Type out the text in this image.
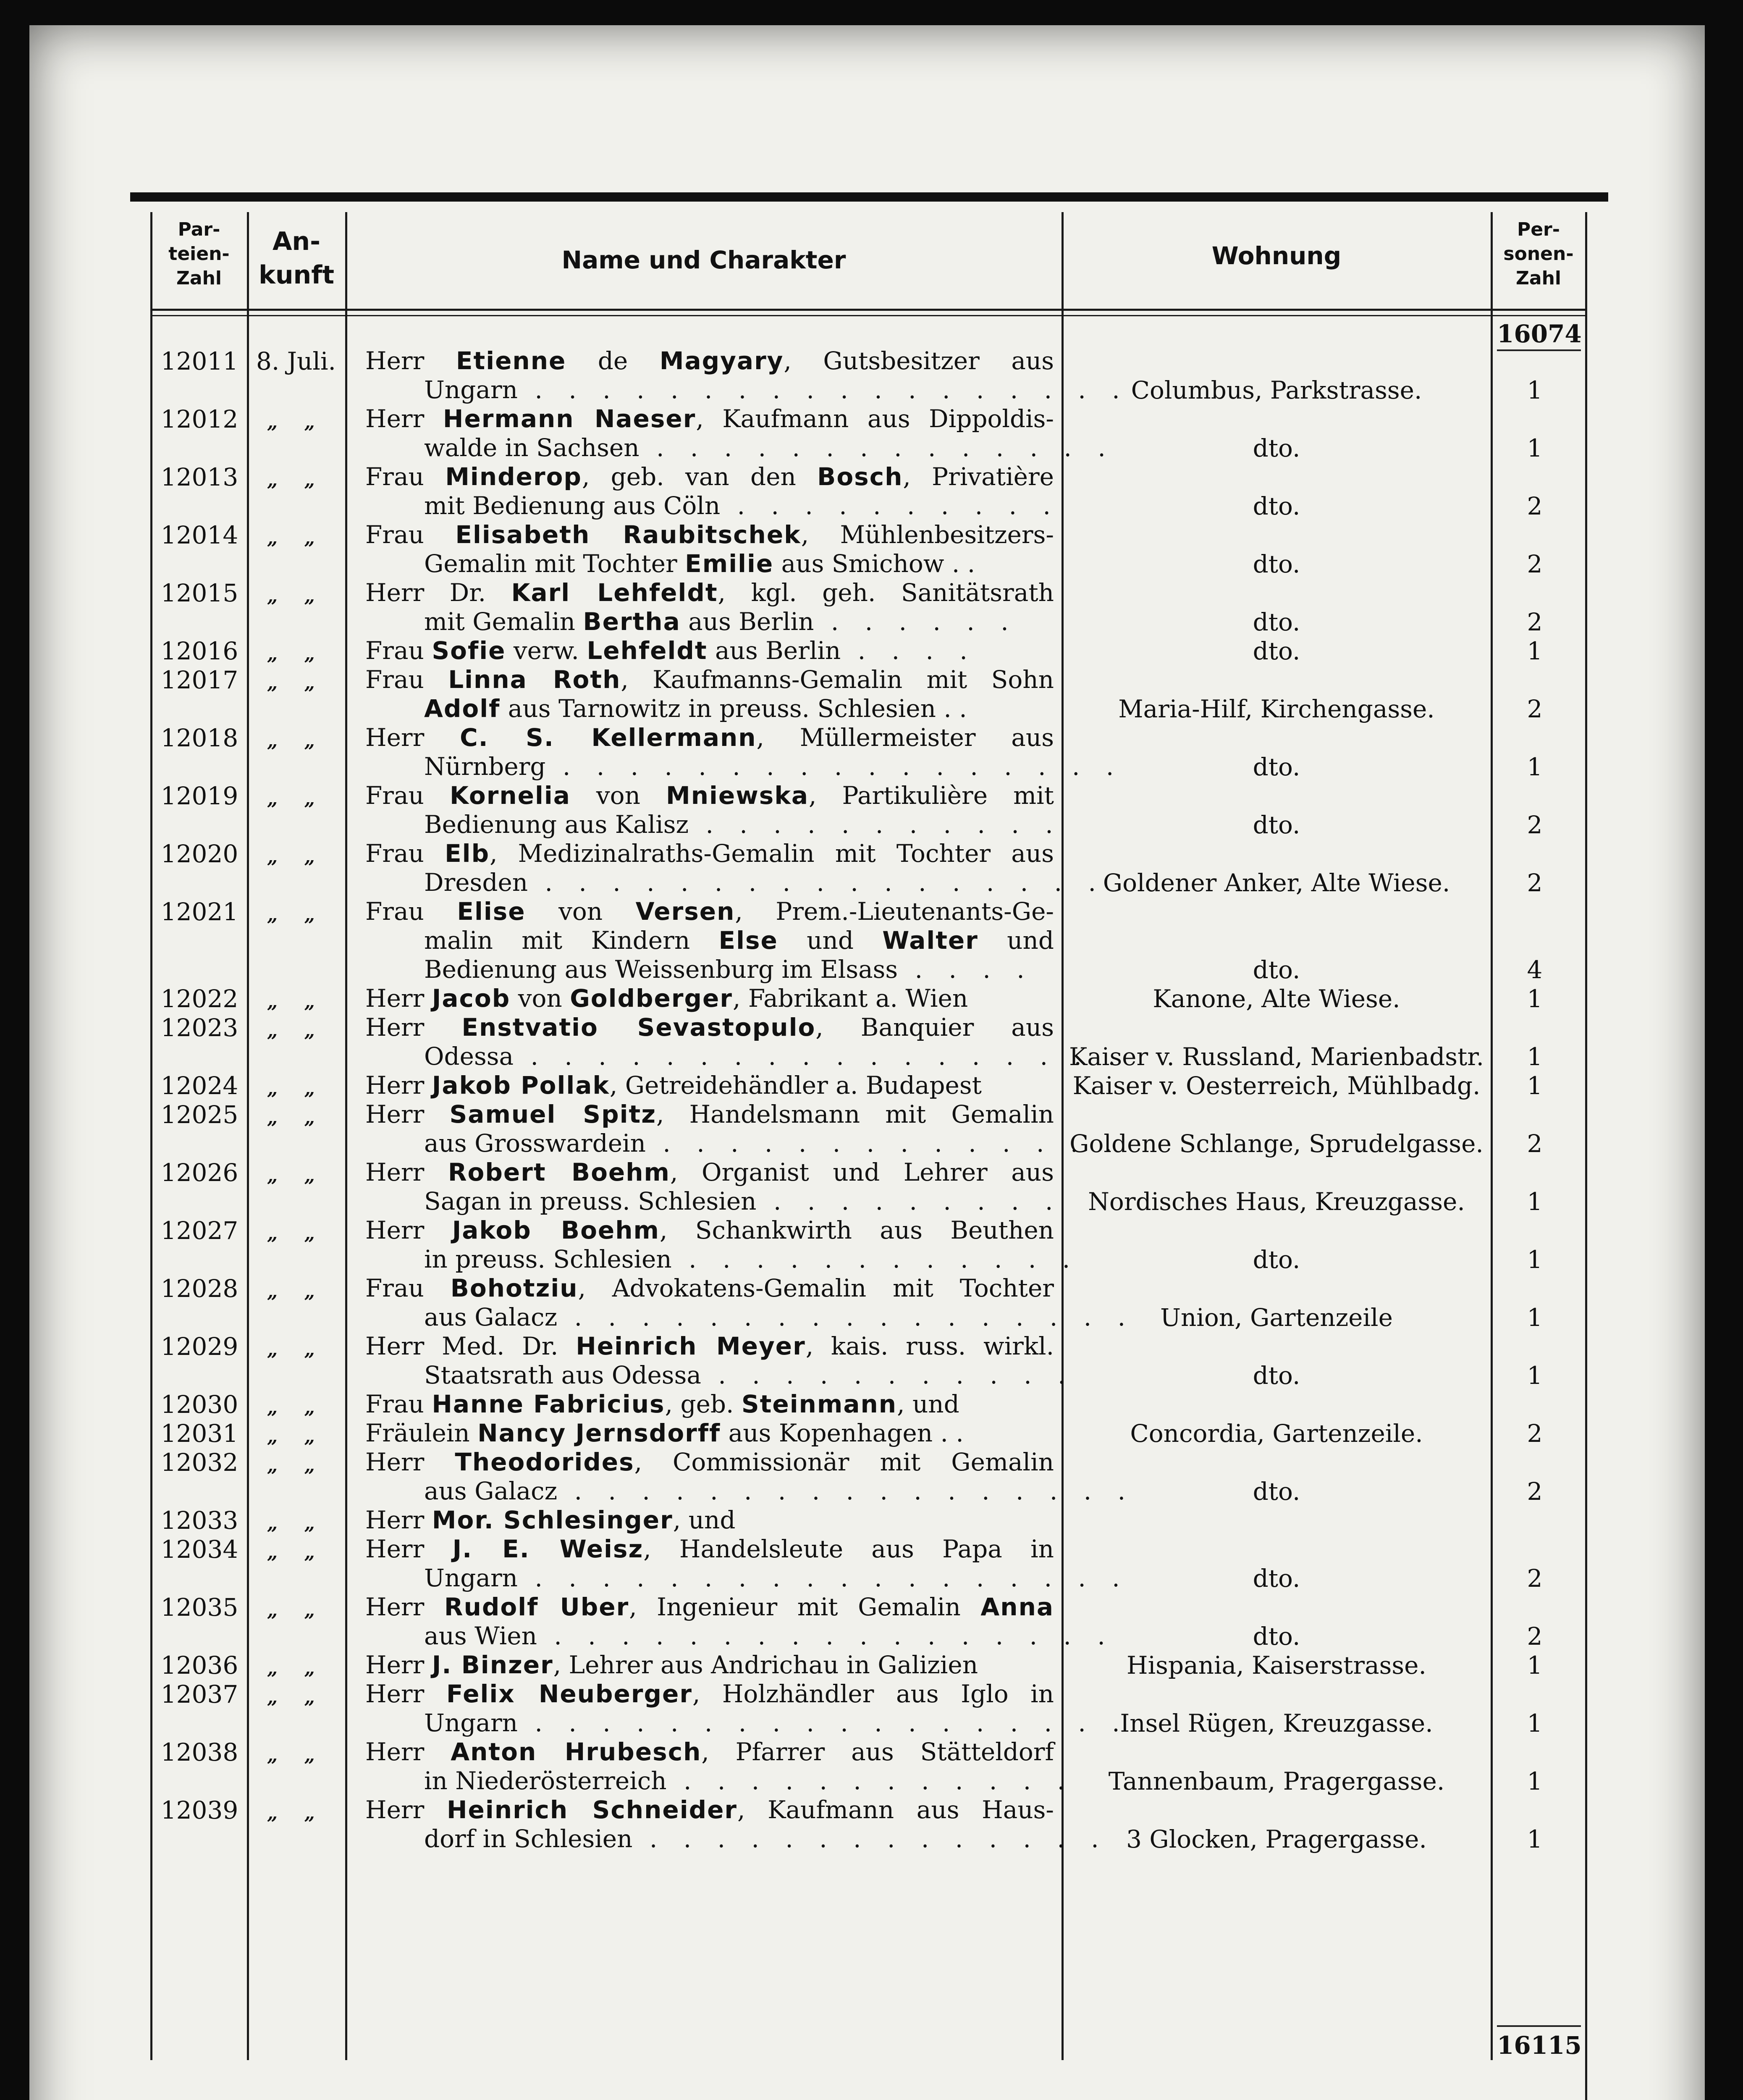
Par-
teien-
Zahl
An-
kunft
Name und Charakter	Wohnung
Per-
sonen-
Zahl
16074
12011 8. Juli.	Herr Etienne de Magyary, Gutsbesitzer aus
Ungarn . . . . . . . . . . . . . . . . . . Columbus, Parkstrasse.	1
12012	„ „	Herr Hermann Naeser, Kaufmann aus Dippoldis-
walde in Sachsen . . . . . . . . . . . . . .	dto.	1
12013	„ „	Frau Minderop, geb. van den Bosch, Privatière
mit Bedienung aus Cöln . . . . . . . . . .	dto.	2
12014	„ „	Frau Elisabeth Raubitschek, Mühlenbesitzers-
Gemalin mit Tochter Emilie aus Smichow . .	dto.	2
12015	„ „	Herr Dr. Karl Lehfeldt, kgl. geh. Sanitätsrath
mit Gemalin Bertha aus Berlin . . . . . .	dto.	2
12016	„ „	Frau Sofie verw. Lehfeldt aus Berlin . . . .	dto.	1
12017	„ „	Frau Linna Roth, Kaufmanns-Gemalin mit Sohn
Adolf aus Tarnowitz in preuss. Schlesien . .	Maria-Hilf, Kirchengasse.	2
12018	„ „	Herr C. S. Kellermann, Müllermeister aus
Nürnberg . . . . . . . . . . . . . . . . .	dto.	1
12019	„ „	Frau Kornelia von Mniewska, Partikulière mit
Bedienung aus Kalisz . . . . . . . . . . .	dto.	2
12020	„ „	Frau Elb, Medizinalraths-Gemalin mit Tochter aus
Dresden . . . . . . . . . . . . . . . . .
Goldener Anker, Alte Wiese.	2
12021	„ „	Frau Elise von Versen, Prem.-Lieutenants-Ge-
malin mit Kindern Else und Walter und
Bedienung aus Weissenburg im Elsass . . . .	dto.	4
12022	„ „	Herr Jacob von Goldberger, Fabrikant a. Wien	Kanone, Alte Wiese.	1
12023	„ „	Herr Enstvatio Sevastopulo, Banquier aus
Odessa . . . . . . . . . . . . . . . . . .
Kaiser v. Russland, Marienbadstr.	1
12024	„ „	Herr Jakob Pollak, Getreidehändler a. Budapest	Kaiser v. Oesterreich, Mühlbadg.	1
12025	„ „	Herr Samuel Spitz, Handelsmann mit Gemalin
aus Grosswardein . . . . . . . . . . . . . .
Goldene Schlange, Sprudelgasse.	2
12026	„ „	Herr Robert Boehm, Organist und Lehrer aus
Sagan in preuss. Schlesien . . . . . . . . .	Nordisches Haus, Kreuzgasse.	1
12027	„ „	Herr Jakob Boehm, Schankwirth aus Beuthen
in preuss. Schlesien . . . . . . . . . . . .	dto.	1
12028	„ „	Frau Bohotziu, Advokatens-Gemalin mit Tochter
aus Galacz . . . . . . . . . . . . . . . . .	Union, Gartenzeile	1
12029	„ „	Herr Med. Dr. Heinrich Meyer, kais. russ. wirkl.
Staatsrath aus Odessa . . . . . . . . . . .	dto.	1
12030	„ „	Frau Hanne Fabricius, geb. Steinmann, und
12031	„ „	Fräulein Nancy Jernsdorff aus Kopenhagen . .	Concordia, Gartenzeile.	2
12032	„ „	Herr Theodorides, Commissionär mit Gemalin
aus Galacz . . . . . . . . . . . . . . . . .	dto.	2
12033	„ „	Herr Mor. Schlesinger, und
12034	„ „	Herr J. E. Weisz, Handelsleute aus Papa in
Ungarn . . . . . . . . . . . . . . . . . .	dto.	2
12035	„ „	Herr Rudolf Uber, Ingenieur mit Gemalin Anna
aus Wien . . . . . . . . . . . . . . . . .	dto.	2
12036	„ „	Herr J. Binzer, Lehrer aus Andrichau in Galizien	Hispania, Kaiserstrasse.	1
12037	„ „	Herr Felix Neuberger, Holzhändler aus Iglo in
Ungarn . . . . . . . . . . . . . . . . . .
Insel Rügen, Kreuzgasse.	1
12038	„ „	Herr Anton Hrubesch, Pfarrer aus Stätteldorf
in Niederösterreich . . . . . . . . . . . .	Tannenbaum, Pragergasse.	1
12039	„ „	Herr Heinrich Schneider, Kaufmann aus Haus-
dorf in Schlesien . . . . . . . . . . . . . . 3 Glocken, Pragergasse.	1
16115
